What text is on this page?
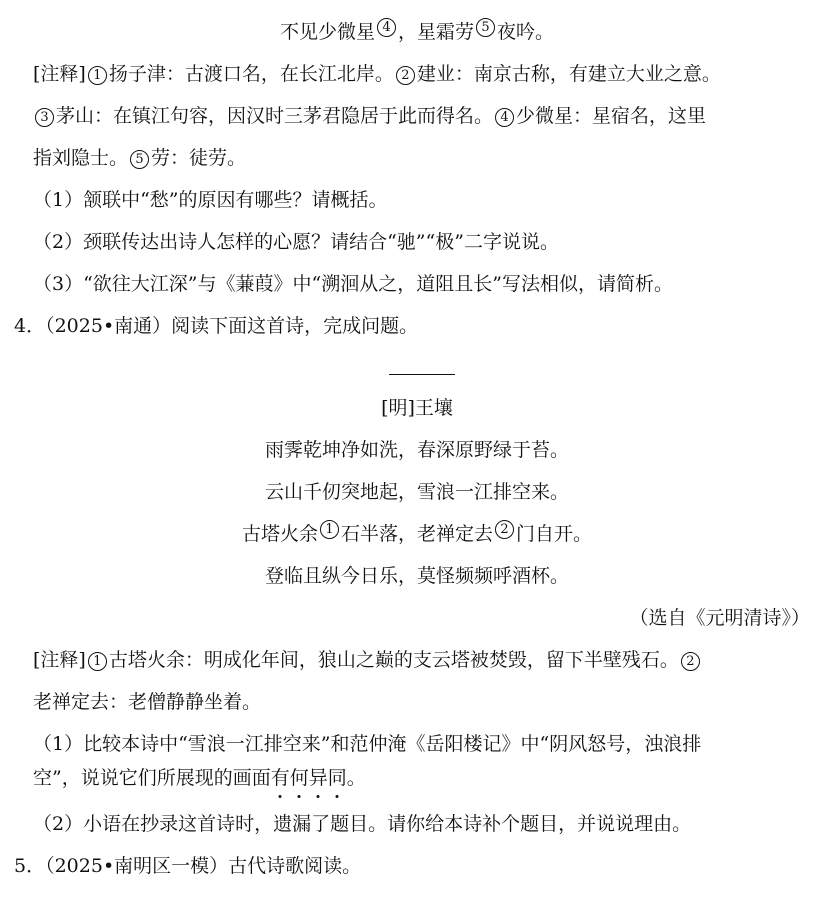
不见少微星 4 ，星霜劳 5 夜吟。
[注释] 1 扬子津：古渡口名，在长江北岸。 2 建业：南京古称，有建立大业之意。
3 茅山：在镇江句容，因汉时三茅君隐居于此而得名。 4 少微星：星宿名，这里
指刘隐士。 5 劳：徒劳。
（1）颔联中“愁”的原因有哪些？请概括。
（2）颈联传达出诗人怎样的心愿？请结合“驰”“极”二字说说。
（3）“欲往大江深”与《蒹葭》中“溯洄从之，道阻且长”写法相似，请简析。
4．（2025•南通）阅读下面这首诗，完成问题。
[明]王壤
雨霁乾坤净如洗，春深原野绿于苔。
云山千仞突地起，雪浪一江排空来。
古塔火余 1 石半落，老禅定去 2 门自开。
登临且纵今日乐，莫怪频频呼酒杯。
（选自《元明清诗》）
[注释] 1 古塔火余：明成化年间，狼山之巅的支云塔被焚毁，留下半壁残石。 2
老禅定去：老僧静静坐着。
（1）比较本诗中“雪浪一江排空来”和范仲淹《岳阳楼记》中“阴风怒号，浊浪排
空”，说说它们所展现的画面有何异同。
（2）小语在抄录这首诗时，遗漏了题目。请你给本诗补个题目，并说说理由。
5．（2025•南明区一模）古代诗歌阅读。
